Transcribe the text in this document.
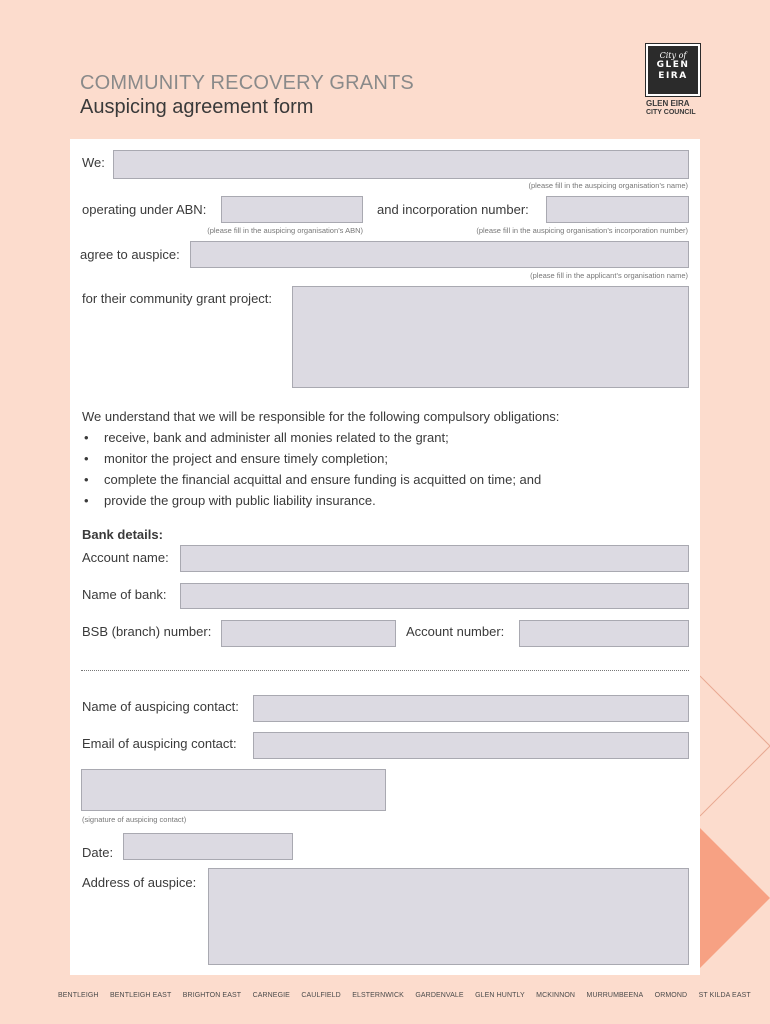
COMMUNITY RECOVERY GRANTS
Auspicing agreement form
City of
GLEN
EIRA
GLEN EIRA
CITY COUNCIL
We:
(please fill in the auspicing organisation’s name)
operating under ABN:
(please fill in the auspicing organisation’s ABN)
and incorporation number:
(please fill in the auspicing organisation’s incorporation number)
agree to auspice:
(please fill in the applicant’s organisation name)
for their community grant project:
We understand that we will be responsible for the following compulsory obligations:
• receive, bank and administer all monies related to the grant;
• monitor the project and ensure timely completion;
• complete the financial acquittal and ensure funding is acquitted on time; and
• provide the group with public liability insurance.
Bank details:
Account name:
Name of bank:
BSB (branch) number:	Account number:
Name of auspicing contact:
Email of auspicing contact:
(signature of auspicing contact)
Date:
Address of auspice:
BENTLEIGH BENTLEIGH EAST BRIGHTON EAST CARNEGIE CAULFIELD ELSTERNWICK GARDENVALE GLEN HUNTLY MCKINNON MURRUMBEENA ORMOND ST KILDA EAST
